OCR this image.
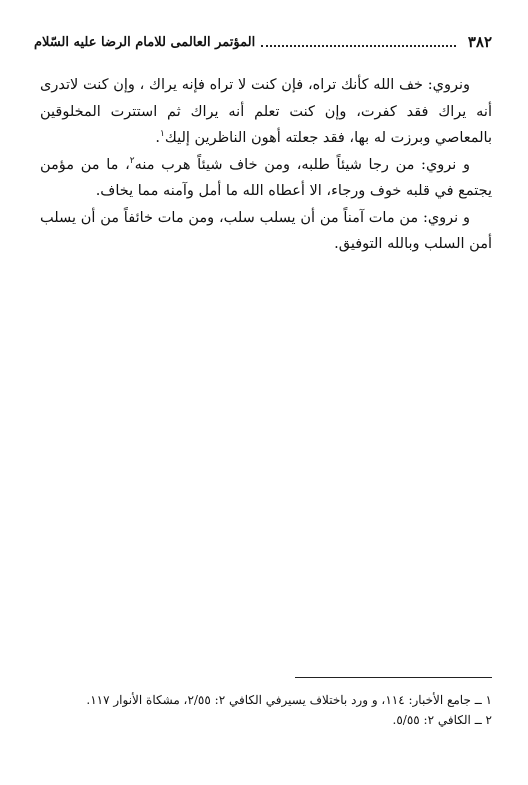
٣٨٢
المؤتمر العالمى للامام الرضا عليه السّلام

ونروي: خف الله كأنك تراه، فإن كنت لا تراه فإنه يراك ، وإن كنت لاتدرى أنه يراك فقد كفرت، وإن كنت تعلم أنه يراك ثم استترت المخلوقين بالمعاصي وبرزت له بها، فقد جعلته أهون الناظرين إليك$^١$.

و نروي: من رجا شيئاً طلبه، ومن خاف شيئاً هرب منه$^٢$، ما من مؤمن يجتمع في قلبه خوف ورجاء، الا أعطاه الله ما أمل وآمنه مما يخاف.

و نروي: من مات آمناً من أن يسلب سلب، ومن مات خائفاً من أن يسلب أمن السلب وبالله التوفيق.

١ ــ جامع الأخبار: ١١٤، و ورد باختلاف يسيرفي الكافي ٢: ٢/٥٥، مشكاة الأنوار ١١٧.
٢ ــ الكافي ٢: ٥/٥٥.
